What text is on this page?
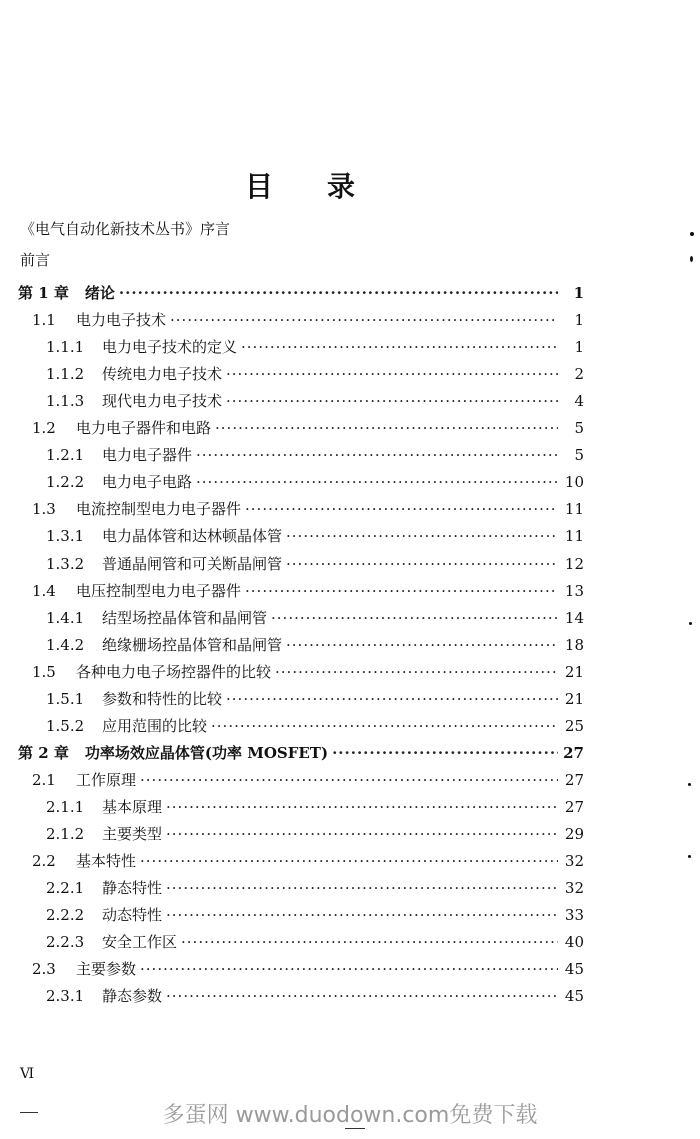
目 录
《电气自动化新技术丛书》序言
前言
第 1 章 绪论 ·····	1
1.1	电力电子技术 ·····	1
1.1.1	电力电子技术的定义 ·····	1
1.1.2	传统电力电子技术 ·····	2
1.1.3	现代电力电子技术 ·····	4
1.2	电力电子器件和电路 ·····	5
1.2.1	电力电子器件 ·····	5
1.2.2	电力电子电路 ·····	10
1.3	电流控制型电力电子器件 ·····	11
1.3.1	电力晶体管和达林顿晶体管 ·····	11
1.3.2	普通晶闸管和可关断晶闸管 ·····	12
1.4	电压控制型电力电子器件 ·····	13
1.4.1	结型场控晶体管和晶闸管 ·····	14
1.4.2	绝缘栅场控晶体管和晶闸管 ·····	18
1.5	各种电力电子场控器件的比较 ·····	21
1.5.1	参数和特性的比较 ·····	21
1.5.2	应用范围的比较 ·····	25
第 2 章 功率场效应晶体管(功率 MOSFET) ·····	27
2.1	工作原理 ·····	27
2.1.1	基本原理 ·····	27
2.1.2	主要类型 ·····	29
2.2	基本特性 ·····	32
2.2.1	静态特性 ·····	32
2.2.2	动态特性 ·····	33
2.2.3	安全工作区 ·····	40
2.3	主要参数 ·····	45
2.3.1	静态参数 ·····	45
Ⅵ
多蛋网 www.duodown.com免费下载
